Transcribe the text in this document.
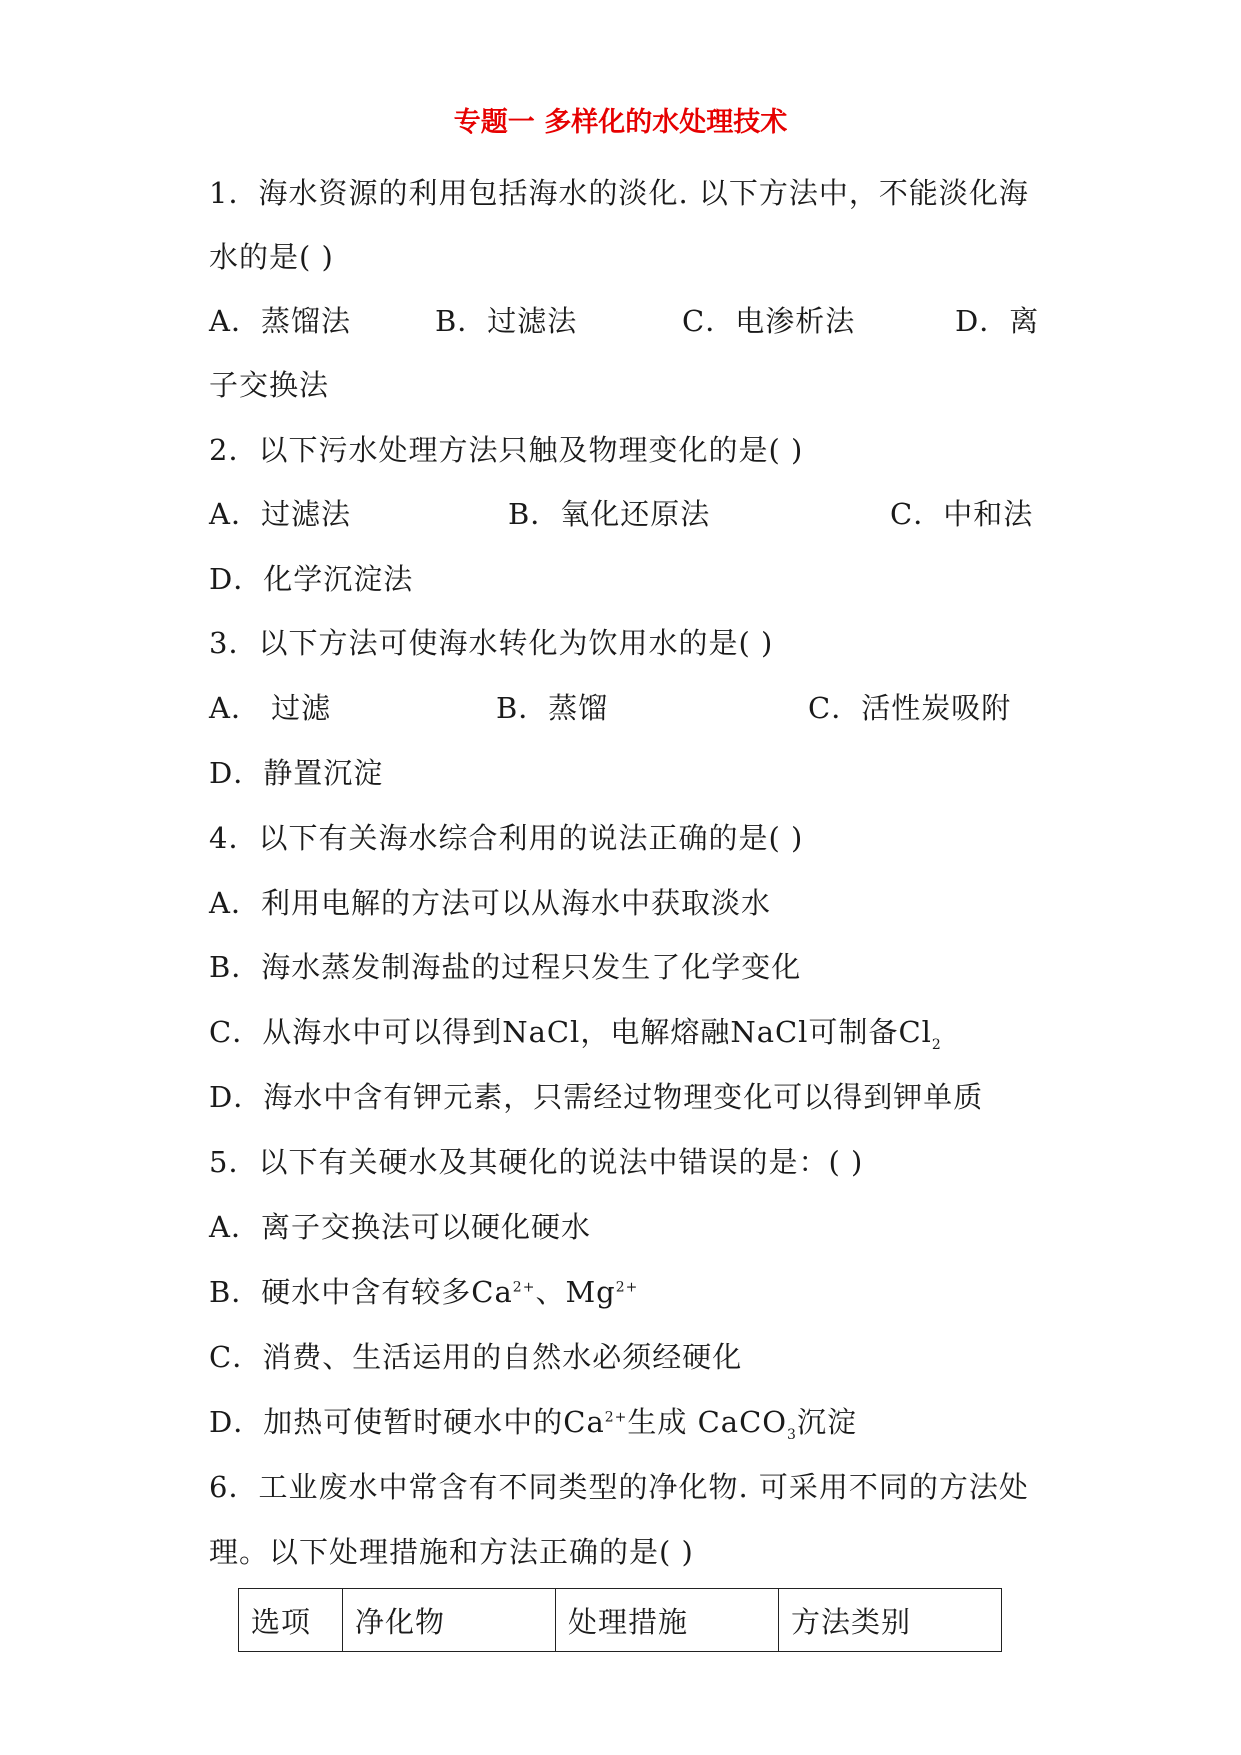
专题一 多样化的水处理技术
1．海水资源的利用包括海水的淡化. 以下方法中，不能淡化海
水的是( )
A．蒸馏法	B．过滤法	C．电渗析法	D．离
子交换法
2．以下污水处理方法只触及物理变化的是( )
A．过滤法	B．氧化还原法	C．中和法
D．化学沉淀法
3．以下方法可使海水转化为饮用水的是( )
A． 过滤	B．蒸馏	C．活性炭吸附
D．静置沉淀
4．以下有关海水综合利用的说法正确的是( )
A．利用电解的方法可以从海水中获取淡水
B．海水蒸发制海盐的过程只发生了化学变化
C．从海水中可以得到NaCl，电解熔融NaCl可制备$Cl_2$
D．海水中含有钾元素，只需经过物理变化可以得到钾单质
5．以下有关硬水及其硬化的说法中错误的是：( )
A．离子交换法可以硬化硬水
B．硬水中含有较多$Ca^{2+}$、$Mg^{2+}$
C．消费、生活运用的自然水必须经硬化
D．加热可使暂时硬水中的$Ca^{2+}$生成 CaCO$_3$沉淀
6．工业废水中常含有不同类型的净化物. 可采用不同的方法处
理。以下处理措施和方法正确的是( )
选项	净化物	处理措施	方法类别
